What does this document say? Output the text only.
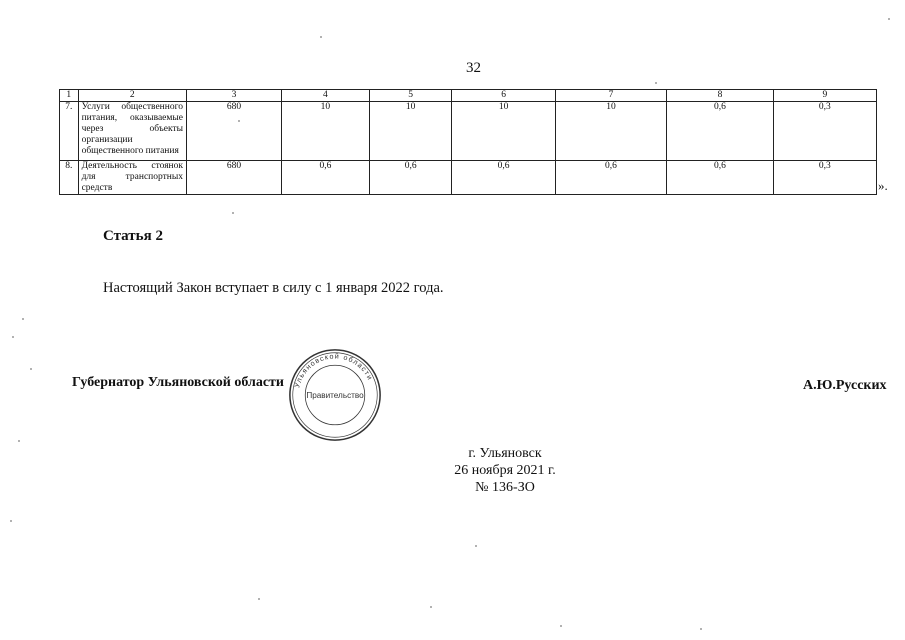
32
1	2	3	4	5	6	7	8	9
7.	Услуги общественного питания, оказываемые через объекты организации общественного питания	680	10	10	10	10	0,6	0,3
8.	Деятельность стоянок для транспортных средств	680	0,6	0,6	0,6	0,6	0,6	0,3
».
Статья 2
Настоящий Закон вступает в силу с 1 января 2022 года.
Губернатор Ульяновской области Ульяновской области
Правительство
А.Ю.Русских
г. Ульяновск
26 ноября 2021 г.
№ 136-ЗО
